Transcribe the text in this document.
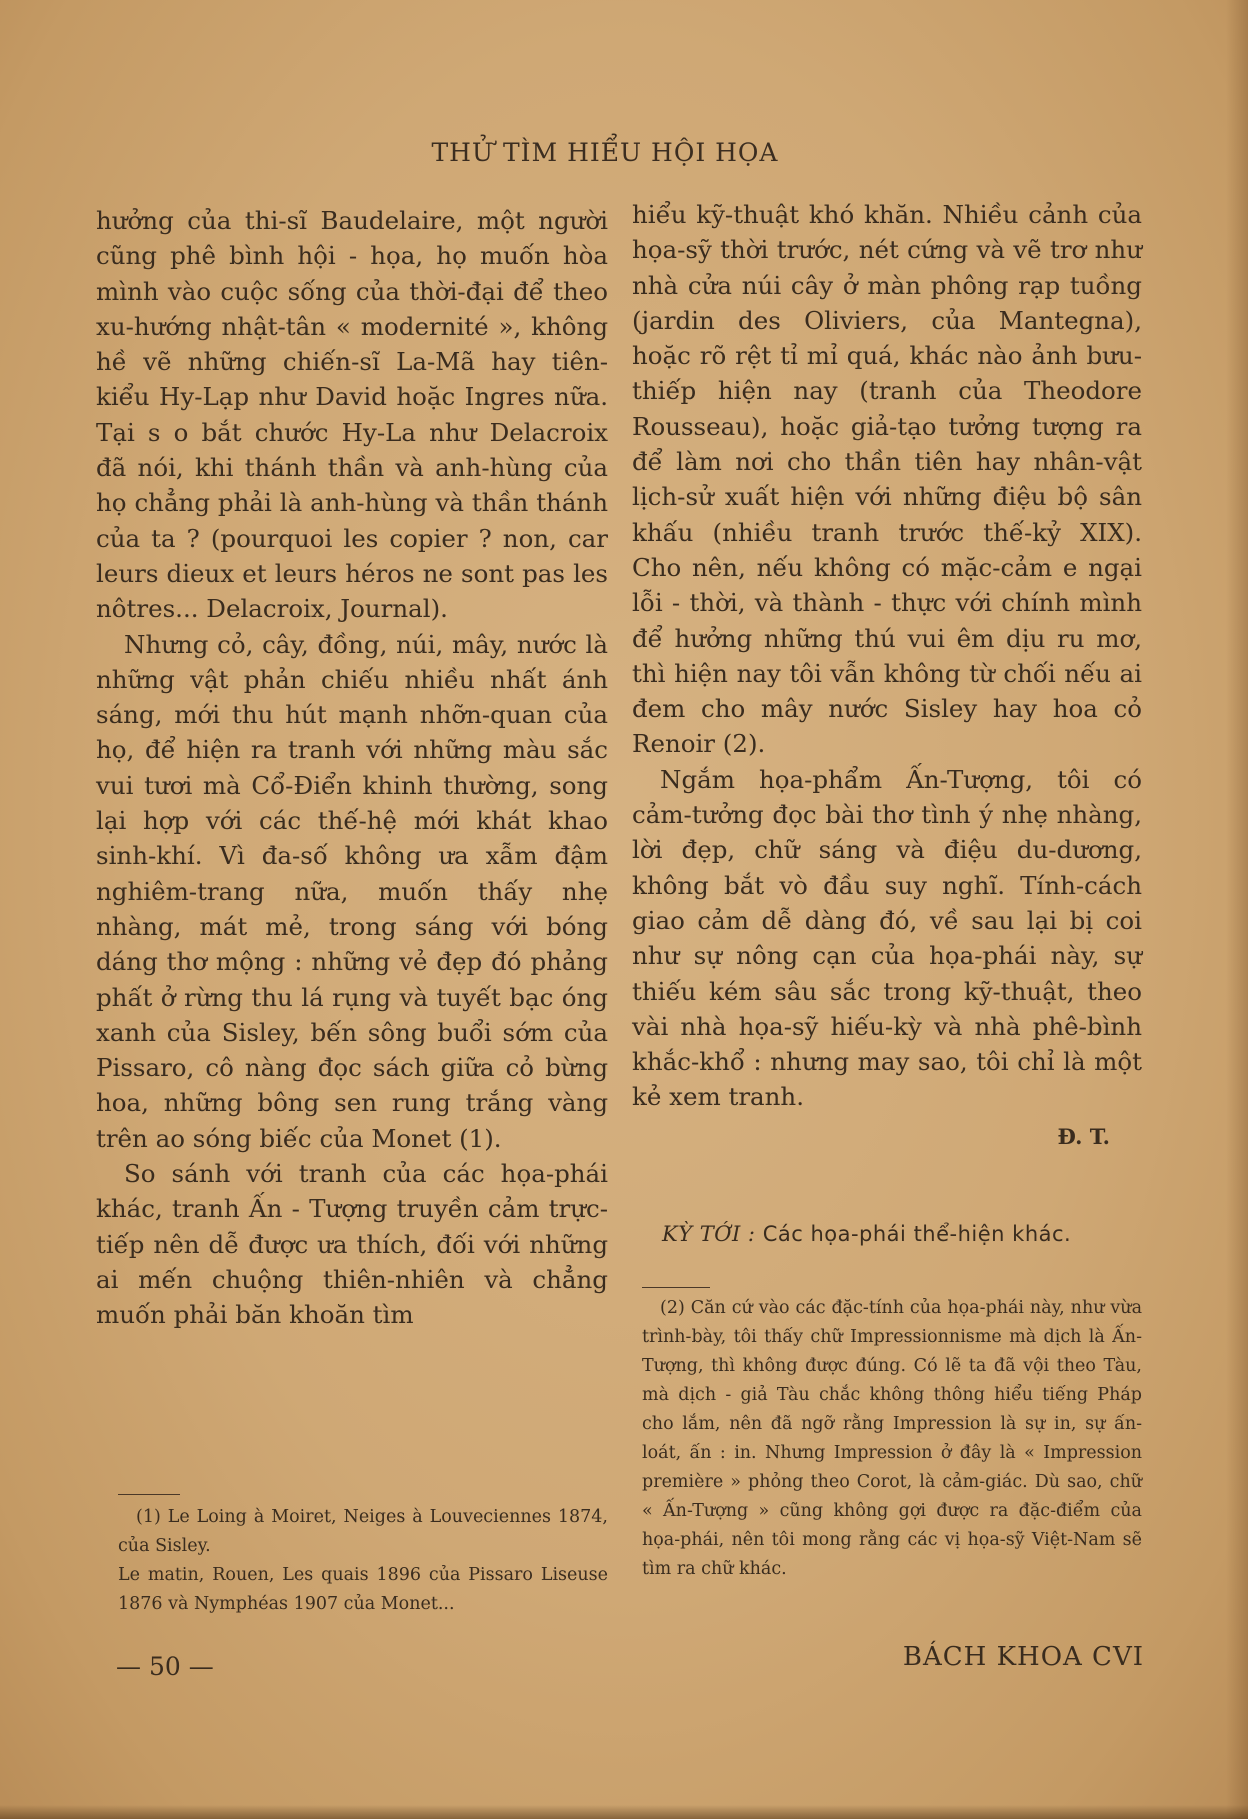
THỬ TÌM HIỂU HỘI HỌA

hưởng của thi-sĩ Baudelaire, một người cũng phê bình hội - họa, họ muốn hòa mình vào cuộc sống của thời-đại để theo xu-hướng nhật-tân « modernité », không hề vẽ những chiến-sĩ La-Mã hay tiên-kiểu Hy-Lạp như David hoặc Ingres nữa. Tại s o bắt chước Hy-La như Delacroix đã nói, khi thánh thần và anh-hùng của họ chẳng phải là anh-hùng và thần thánh của ta ? (pourquoi les copier ? non, car leurs dieux et leurs héros ne sont pas les nôtres... Delacroix, Journal).

Nhưng cỏ, cây, đồng, núi, mây, nước là những vật phản chiếu nhiều nhất ánh sáng, mới thu hút mạnh nhỡn-quan của họ, để hiện ra tranh với những màu sắc vui tươi mà Cổ-Điển khinh thường, song lại hợp với các thế-hệ mới khát khao sinh-khí. Vì đa-số không ưa xẫm đậm nghiêm-trang nữa, muốn thấy nhẹ nhàng, mát mẻ, trong sáng với bóng dáng thơ mộng : những vẻ đẹp đó phảng phất ở rừng thu lá rụng và tuyết bạc óng xanh của Sisley, bến sông buổi sớm của Pissaro, cô nàng đọc sách giữa cỏ bừng hoa, những bông sen rung trắng vàng trên ao sóng biếc của Monet (1).

So sánh với tranh của các họa-phái khác, tranh Ấn - Tượng truyền cảm trực-tiếp nên dễ được ưa thích, đối với những ai mến chuộng thiên-nhiên và chẳng muốn phải băn khoăn tìm

hiểu kỹ-thuật khó khăn. Nhiều cảnh của họa-sỹ thời trước, nét cứng và vẽ trơ như nhà cửa núi cây ở màn phông rạp tuồng (jardin des Oliviers, của Mantegna), hoặc rõ rệt tỉ mỉ quá, khác nào ảnh bưu-thiếp hiện nay (tranh của Theodore Rousseau), hoặc giả-tạo tưởng tượng ra để làm nơi cho thần tiên hay nhân-vật lịch-sử xuất hiện với những điệu bộ sân khấu (nhiều tranh trước thế-kỷ XIX). Cho nên, nếu không có mặc-cảm e ngại lỗi - thời, và thành - thực với chính mình để hưởng những thú vui êm dịu ru mơ, thì hiện nay tôi vẫn không từ chối nếu ai đem cho mây nước Sisley hay hoa cỏ Renoir (2).

Ngắm họa-phẩm Ấn-Tượng, tôi có cảm-tưởng đọc bài thơ tình ý nhẹ nhàng, lời đẹp, chữ sáng và điệu du-dương, không bắt vò đầu suy nghĩ. Tính-cách giao cảm dễ dàng đó, về sau lại bị coi như sự nông cạn của họa-phái này, sự thiếu kém sâu sắc trong kỹ-thuật, theo vài nhà họa-sỹ hiếu-kỳ và nhà phê-bình khắc-khổ : nhưng may sao, tôi chỉ là một kẻ xem tranh.

Đ. T.

KỲ TỚI : Các họa-phái thể-hiện khác.

(1) Le Loing à Moiret, Neiges à Louveciennes 1874, của Sisley.

Le matin, Rouen, Les quais 1896 của Pissaro Liseuse 1876 và Nymphéas 1907 của Monet...

(2) Căn cứ vào các đặc-tính của họa-phái này, như vừa trình-bày, tôi thấy chữ Impressionnisme mà dịch là Ấn-Tượng, thì không được đúng. Có lẽ ta đã vội theo Tàu, mà dịch - giả Tàu chắc không thông hiểu tiếng Pháp cho lắm, nên đã ngỡ rằng Impression là sự in, sự ấn-loát, ấn : in. Nhưng Impression ở đây là « Impression première » phỏng theo Corot, là cảm-giác. Dù sao, chữ « Ấn-Tượng » cũng không gợi được ra đặc-điểm của họa-phái, nên tôi mong rằng các vị họa-sỹ Việt-Nam sẽ tìm ra chữ khác.

— 50 —	BÁCH KHOA CVI
